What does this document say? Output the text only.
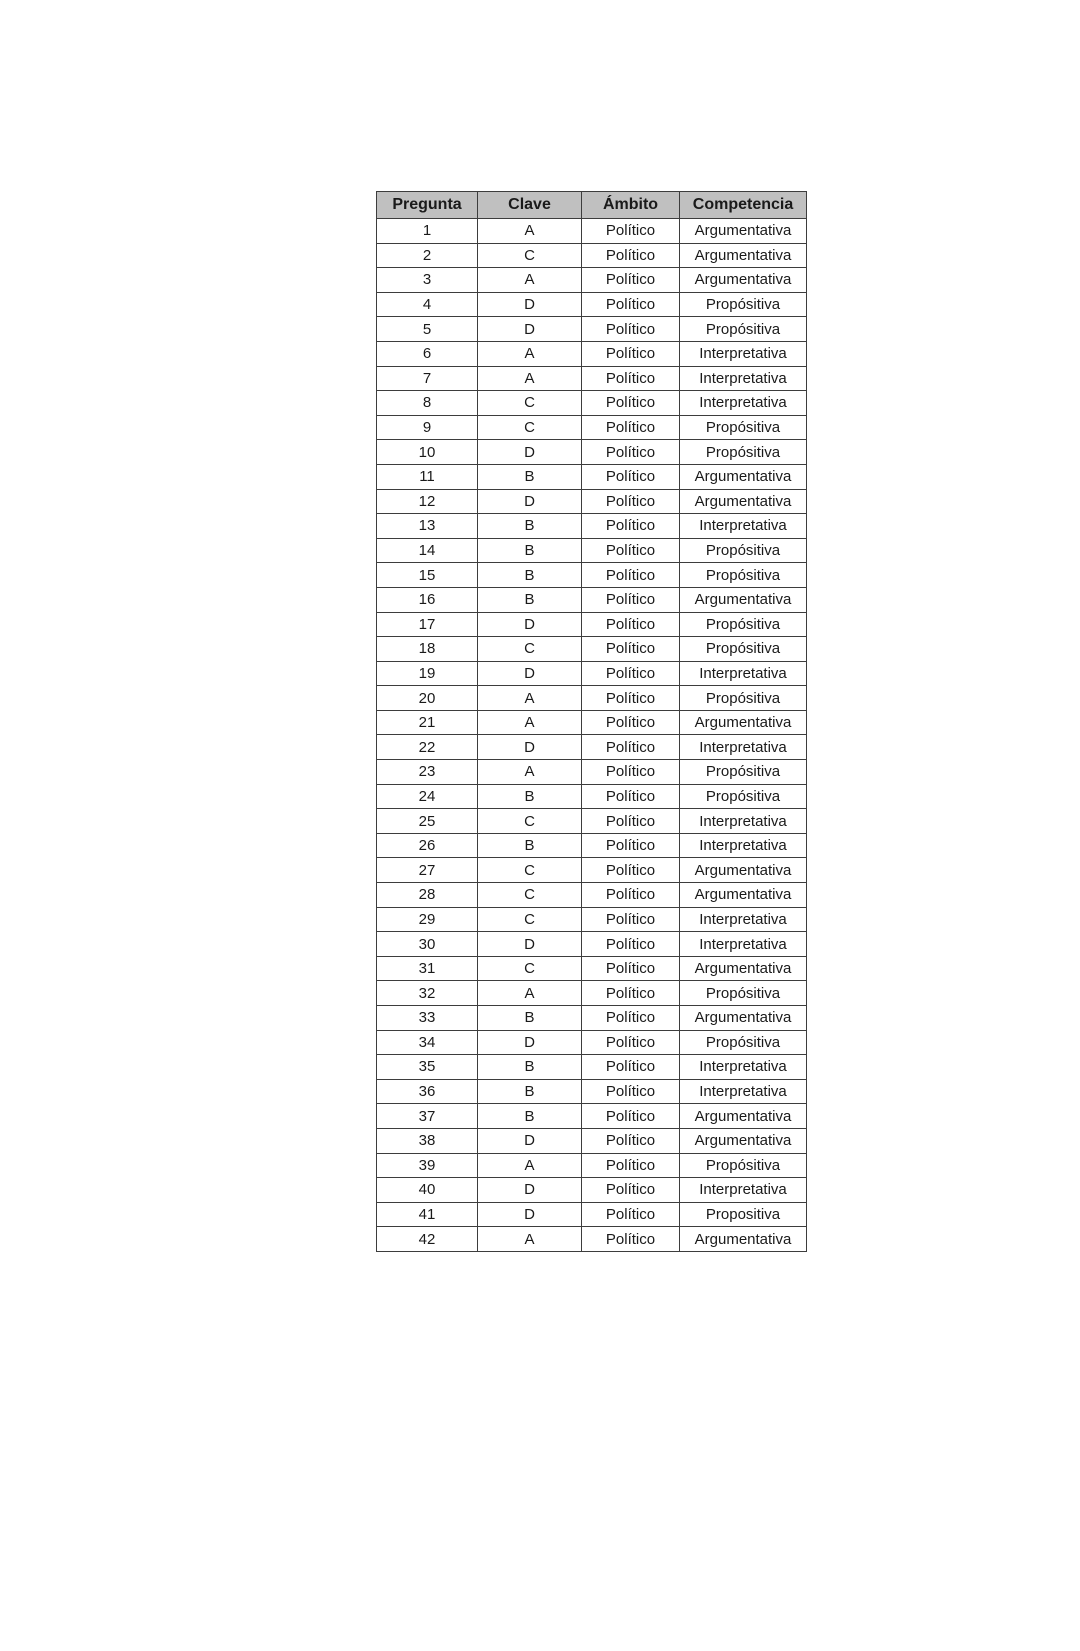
Pregunta	Clave	Ámbito	Competencia
1	A	Político	Argumentativa
2	C	Político	Argumentativa
3	A	Político	Argumentativa
4	D	Político	Propósitiva
5	D	Político	Propósitiva
6	A	Político	Interpretativa
7	A	Político	Interpretativa
8	C	Político	Interpretativa
9	C	Político	Propósitiva
10	D	Político	Propósitiva
11	B	Político	Argumentativa
12	D	Político	Argumentativa
13	B	Político	Interpretativa
14	B	Político	Propósitiva
15	B	Político	Propósitiva
16	B	Político	Argumentativa
17	D	Político	Propósitiva
18	C	Político	Propósitiva
19	D	Político	Interpretativa
20	A	Político	Propósitiva
21	A	Político	Argumentativa
22	D	Político	Interpretativa
23	A	Político	Propósitiva
24	B	Político	Propósitiva
25	C	Político	Interpretativa
26	B	Político	Interpretativa
27	C	Político	Argumentativa
28	C	Político	Argumentativa
29	C	Político	Interpretativa
30	D	Político	Interpretativa
31	C	Político	Argumentativa
32	A	Político	Propósitiva
33	B	Político	Argumentativa
34	D	Político	Propósitiva
35	B	Político	Interpretativa
36	B	Político	Interpretativa
37	B	Político	Argumentativa
38	D	Político	Argumentativa
39	A	Político	Propósitiva
40	D	Político	Interpretativa
41	D	Político	Propositiva
42	A	Político	Argumentativa
